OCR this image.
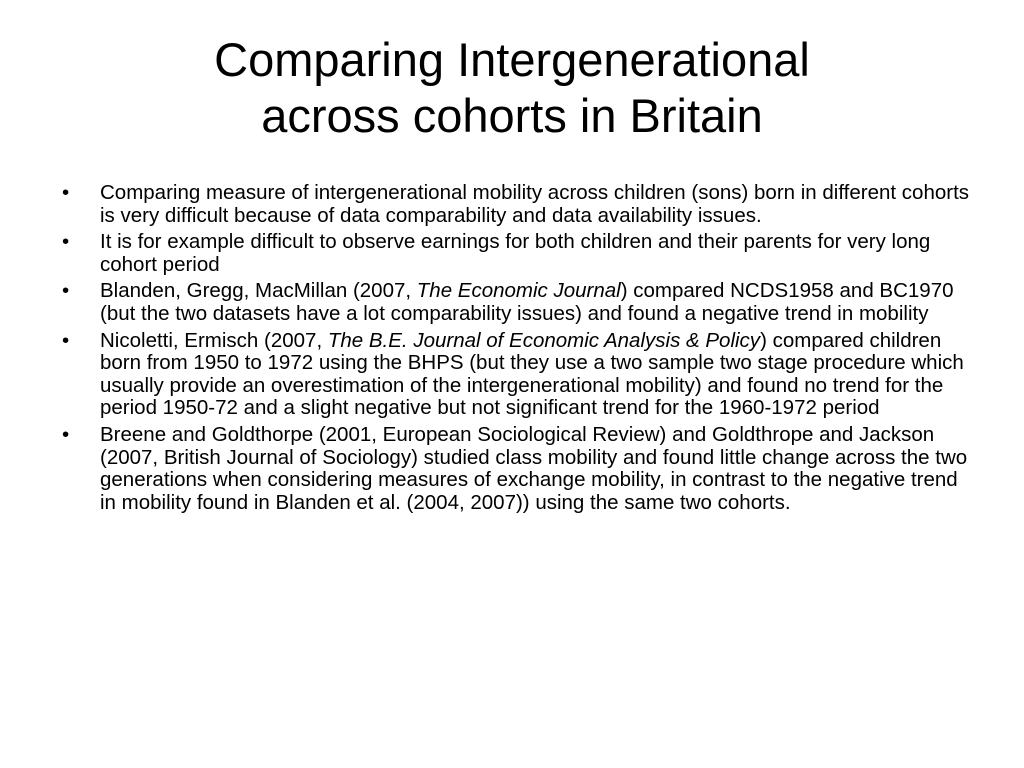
Comparing Intergenerational
across cohorts in Britain
•	Comparing measure of intergenerational mobility across children (sons) born in different cohorts is very difficult because of data comparability and data availability issues.
•	It is for example difficult to observe earnings for both children and their parents for very long cohort period
•	Blanden, Gregg, MacMillan (2007, The Economic Journal) compared NCDS1958 and BC1970 (but the two datasets have a lot comparability issues) and found a negative trend in mobility
•	Nicoletti, Ermisch (2007, The B.E. Journal of Economic Analysis & Policy) compared children born from 1950 to 1972 using the BHPS (but they use a two sample two stage procedure which usually provide an overestimation of the intergenerational mobility) and found no trend for the period 1950-72 and a slight negative but not significant trend for the 1960-1972 period
•	Breene and Goldthorpe (2001, European Sociological Review) and Goldthrope and Jackson (2007, British Journal of Sociology) studied class mobility and found little change across the two generations when considering measures of exchange mobility, in contrast to the negative trend in mobility found in Blanden et al. (2004, 2007)) using the same two cohorts.
